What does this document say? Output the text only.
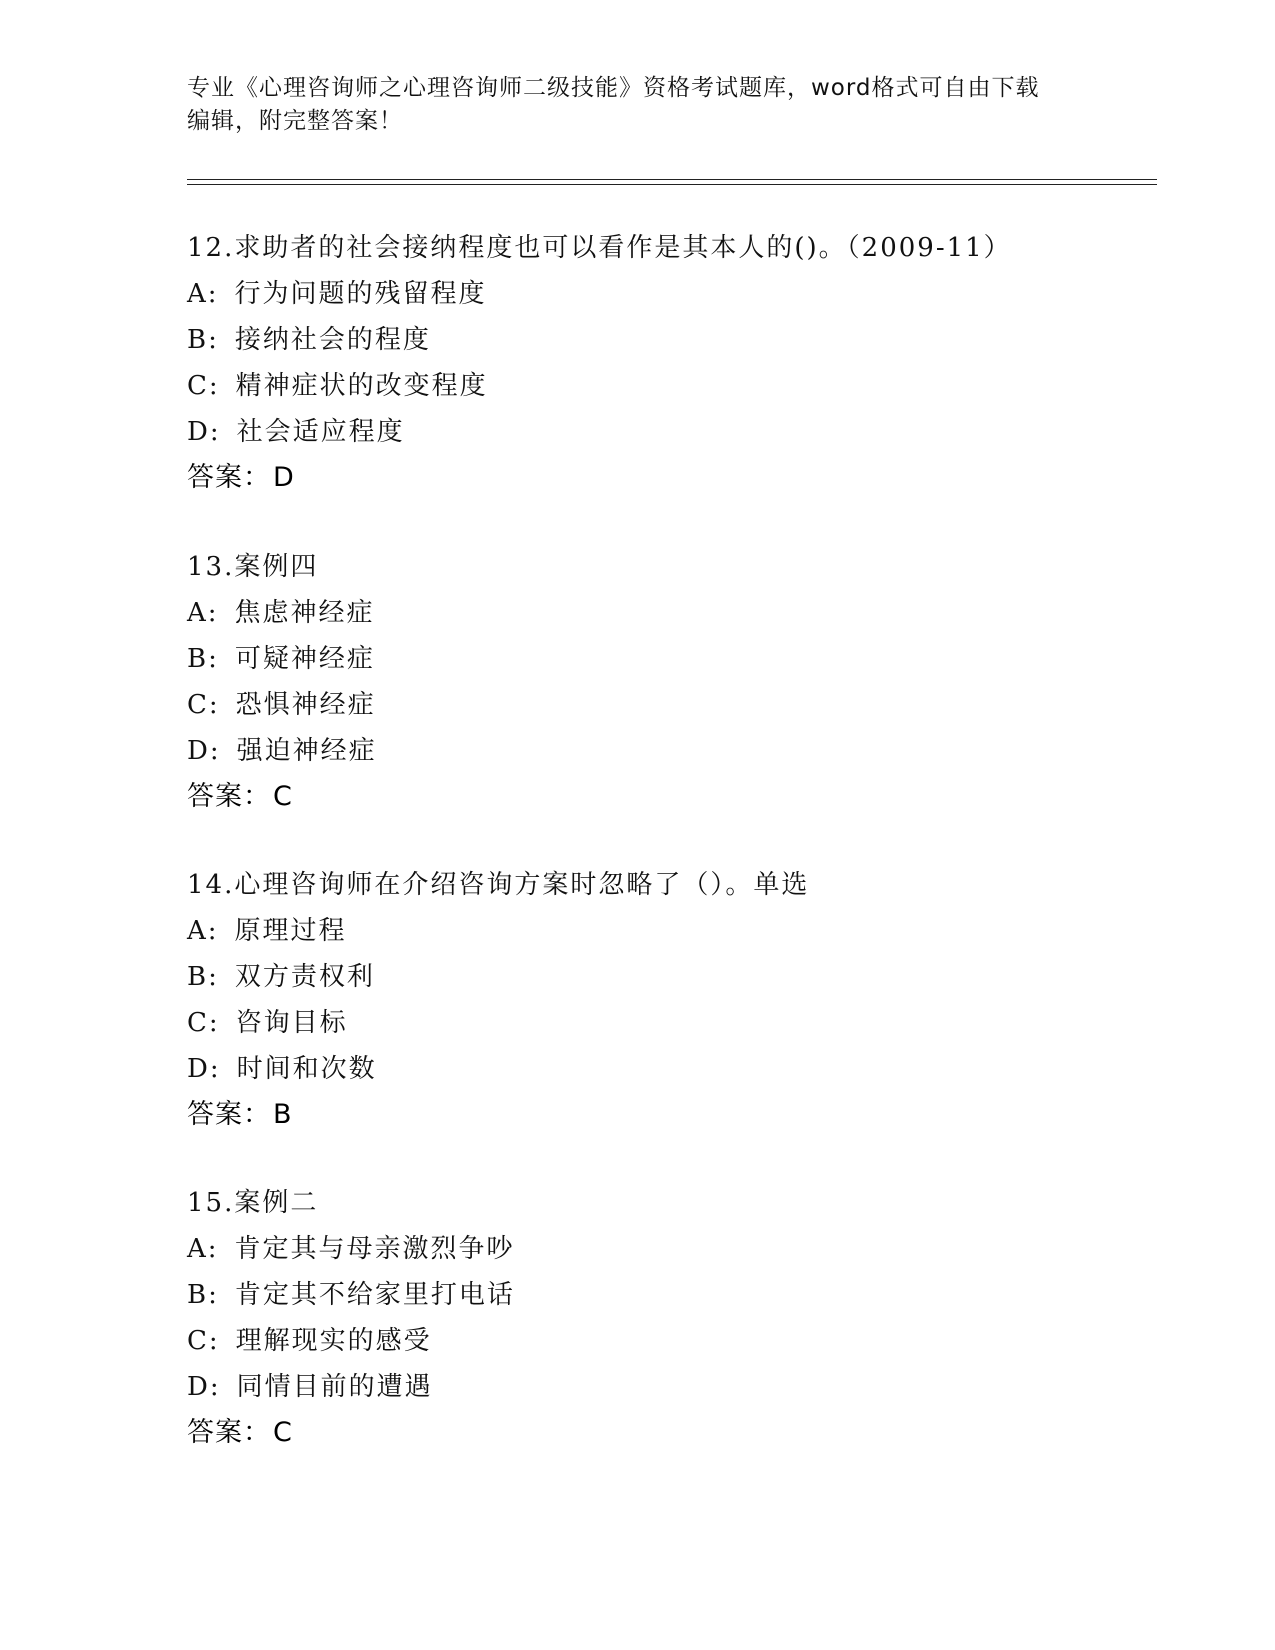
专业《心理咨询师之心理咨询师二级技能》资格考试题库，word格式可自由下载
编辑，附完整答案！
12.求助者的社会接纳程度也可以看作是其本人的()。（2009-11）
A: 行为问题的残留程度
B: 接纳社会的程度
C: 精神症状的改变程度
D: 社会适应程度
答案：D
13.案例四
A: 焦虑神经症
B: 可疑神经症
C: 恐惧神经症
D: 强迫神经症
答案：C
14.心理咨询师在介绍咨询方案时忽略了（）。单选
A: 原理过程
B: 双方责权利
C: 咨询目标
D: 时间和次数
答案：B
15.案例二
A: 肯定其与母亲激烈争吵
B: 肯定其不给家里打电话
C: 理解现实的感受
D: 同情目前的遭遇
答案：C
